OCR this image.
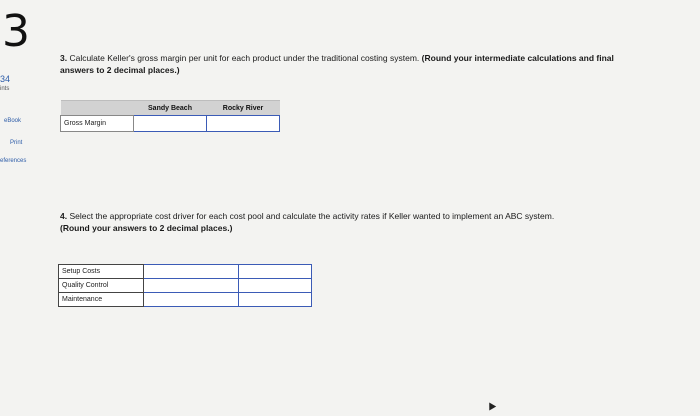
3
34
ints
eBook
Print
eferences
3. Calculate Keller's gross margin per unit for each product under the traditional costing system. (Round your intermediate calculations and final answers to 2 decimal places.)
	Sandy Beach	Rocky River
Gross Margin		
4. Select the appropriate cost driver for each cost pool and calculate the activity rates if Keller wanted to implement an ABC system.
(Round your answers to 2 decimal places.)
Setup Costs		
Quality Control		
Maintenance		
